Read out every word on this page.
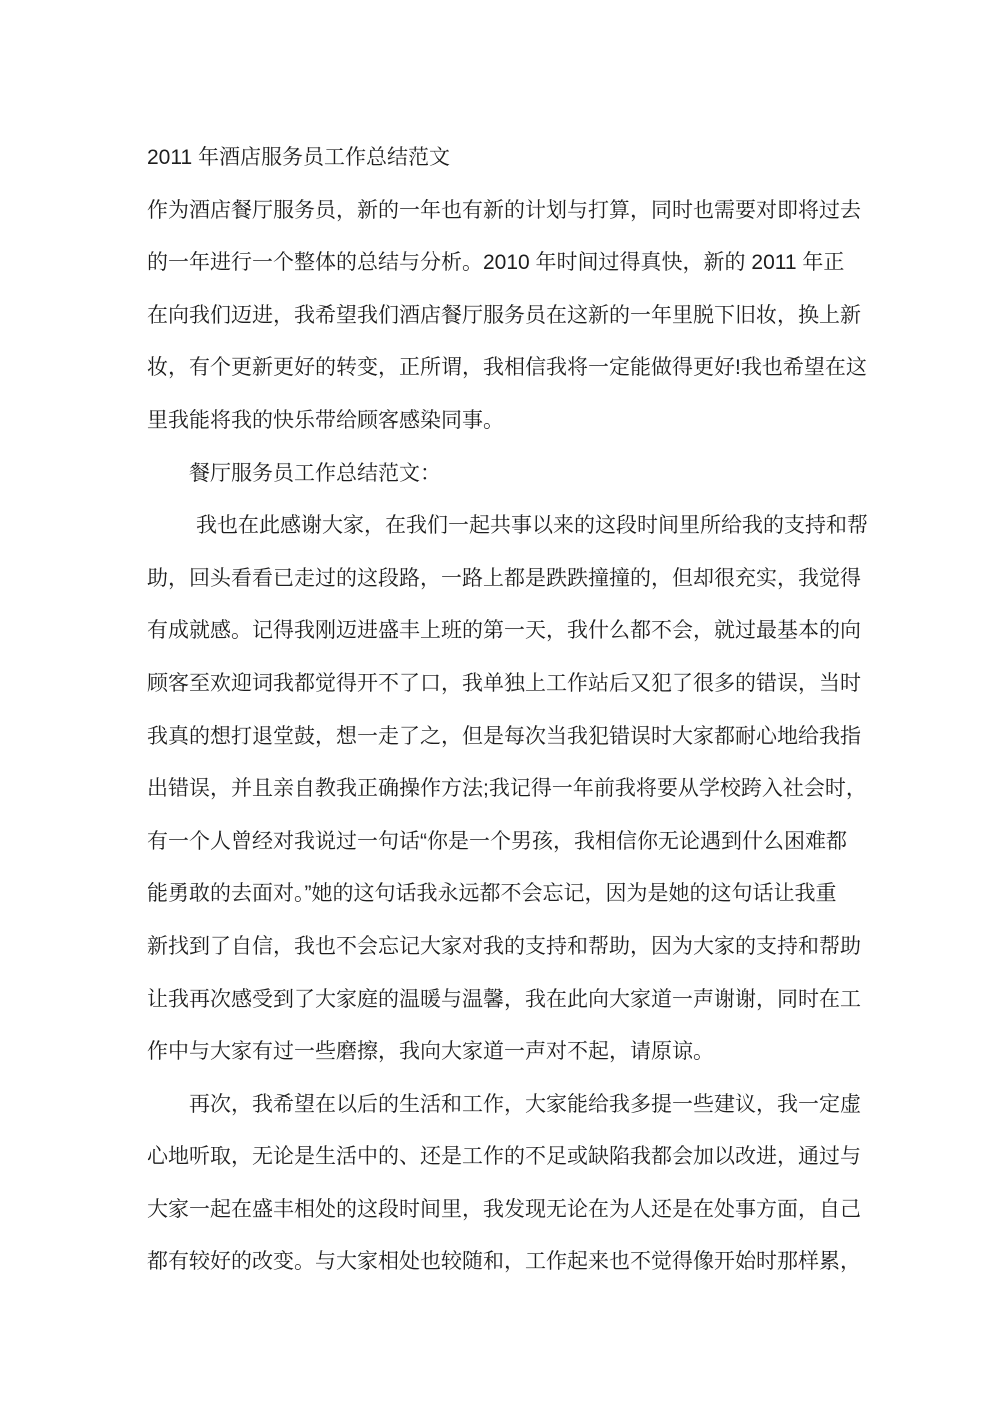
2011 年酒店服务员工作总结范文
作为酒店餐厅服务员，新的一年也有新的计划与打算，同时也需要对即将过去
的一年进行一个整体的总结与分析。2010 年时间过得真快，新的 2011 年正
在向我们迈进，我希望我们酒店餐厅服务员在这新的一年里脱下旧妆，换上新
妆，有个更新更好的转变，正所谓，我相信我将一定能做得更好!我也希望在这
里我能将我的快乐带给顾客感染同事。
餐厅服务员工作总结范文：
我也在此感谢大家，在我们一起共事以来的这段时间里所给我的支持和帮
助，回头看看已走过的这段路，一路上都是跌跌撞撞的，但却很充实，我觉得
有成就感。记得我刚迈进盛丰上班的第一天，我什么都不会，就过最基本的向
顾客至欢迎词我都觉得开不了口，我单独上工作站后又犯了很多的错误，当时
我真的想打退堂鼓，想一走了之，但是每次当我犯错误时大家都耐心地给我指
出错误，并且亲自教我正确操作方法;我记得一年前我将要从学校跨入社会时，
有一个人曾经对我说过一句话“你是一个男孩，我相信你无论遇到什么困难都
能勇敢的去面对。”她的这句话我永远都不会忘记，因为是她的这句话让我重
新找到了自信，我也不会忘记大家对我的支持和帮助，因为大家的支持和帮助
让我再次感受到了大家庭的温暖与温馨，我在此向大家道一声谢谢，同时在工
作中与大家有过一些磨擦，我向大家道一声对不起，请原谅。
再次，我希望在以后的生活和工作，大家能给我多提一些建议，我一定虚
心地听取，无论是生活中的、还是工作的不足或缺陷我都会加以改进，通过与
大家一起在盛丰相处的这段时间里，我发现无论在为人还是在处事方面，自己
都有较好的改变。与大家相处也较随和，工作起来也不觉得像开始时那样累，
